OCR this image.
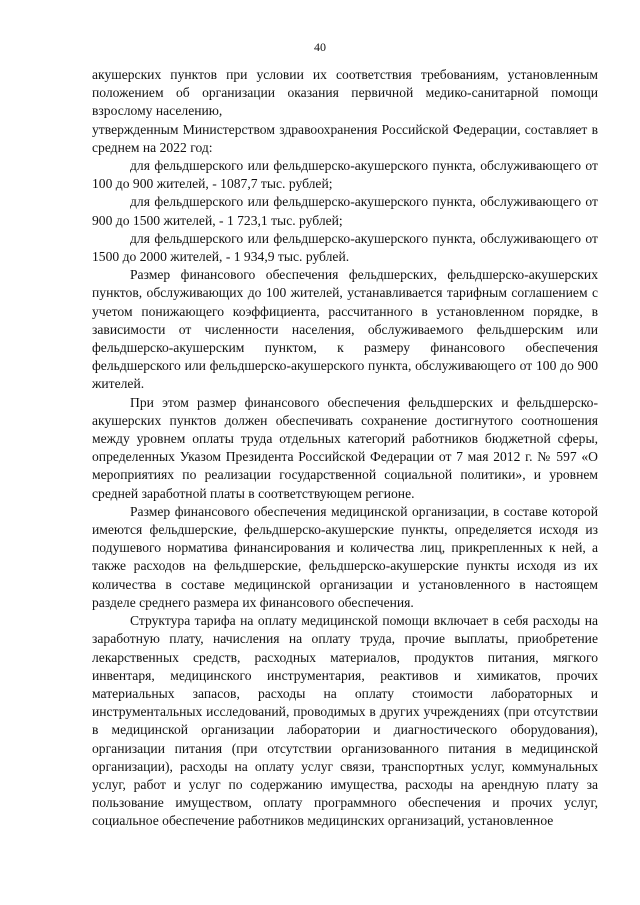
40

акушерских пунктов при условии их соответствия требованиям, установленным положением об организации оказания первичной медико-санитарной помощи взрослому населению,

утвержденным Министерством здравоохранения Российской Федерации, составляет в среднем на 2022 год:

для фельдшерского или фельдшерско-акушерского пункта, обслуживающего от 100 до 900 жителей, - 1087,7 тыс. рублей;

для фельдшерского или фельдшерско-акушерского пункта, обслуживающего от 900 до 1500 жителей, - 1 723,1 тыс. рублей;

для фельдшерского или фельдшерско-акушерского пункта, обслуживающего от 1500 до 2000 жителей, - 1 934,9 тыс. рублей.

Размер финансового обеспечения фельдшерских, фельдшерско-акушерских пунктов, обслуживающих до 100 жителей, устанавливается тарифным соглашением с учетом понижающего коэффициента, рассчитанного в установленном порядке, в зависимости от численности населения, обслуживаемого фельдшерским или фельдшерско-акушерским пунктом, к размеру финансового обеспечения фельдшерского или фельдшерско-акушерского пункта, обслуживающего от 100 до 900 жителей.

При этом размер финансового обеспечения фельдшерских и фельдшерско-акушерских пунктов должен обеспечивать сохранение достигнутого соотношения между уровнем оплаты труда отдельных категорий работников бюджетной сферы, определенных Указом Президента Российской Федерации от 7 мая 2012 г. № 597 «О мероприятиях по реализации государственной социальной политики», и уровнем средней заработной платы в соответствующем регионе.

Размер финансового обеспечения медицинской организации, в составе которой имеются фельдшерские, фельдшерско-акушерские пункты, определяется исходя из подушевого норматива финансирования и количества лиц, прикрепленных к ней, а также расходов на фельдшерские, фельдшерско-акушерские пункты исходя из их количества в составе медицинской организации и установленного в настоящем разделе среднего размера их финансового обеспечения.

Структура тарифа на оплату медицинской помощи включает в себя расходы на заработную плату, начисления на оплату труда, прочие выплаты, приобретение лекарственных средств, расходных материалов, продуктов питания, мягкого инвентаря, медицинского инструментария, реактивов и химикатов, прочих материальных запасов, расходы на оплату стоимости лабораторных и инструментальных исследований, проводимых в других учреждениях (при отсутствии в медицинской организации лаборатории и диагностического оборудования), организации питания (при отсутствии организованного питания в медицинской организации), расходы на оплату услуг связи, транспортных услуг, коммунальных услуг, работ и услуг по содержанию имущества, расходы на арендную плату за пользование имуществом, оплату программного обеспечения и прочих услуг, социальное обеспечение работников медицинских организаций, установленное
